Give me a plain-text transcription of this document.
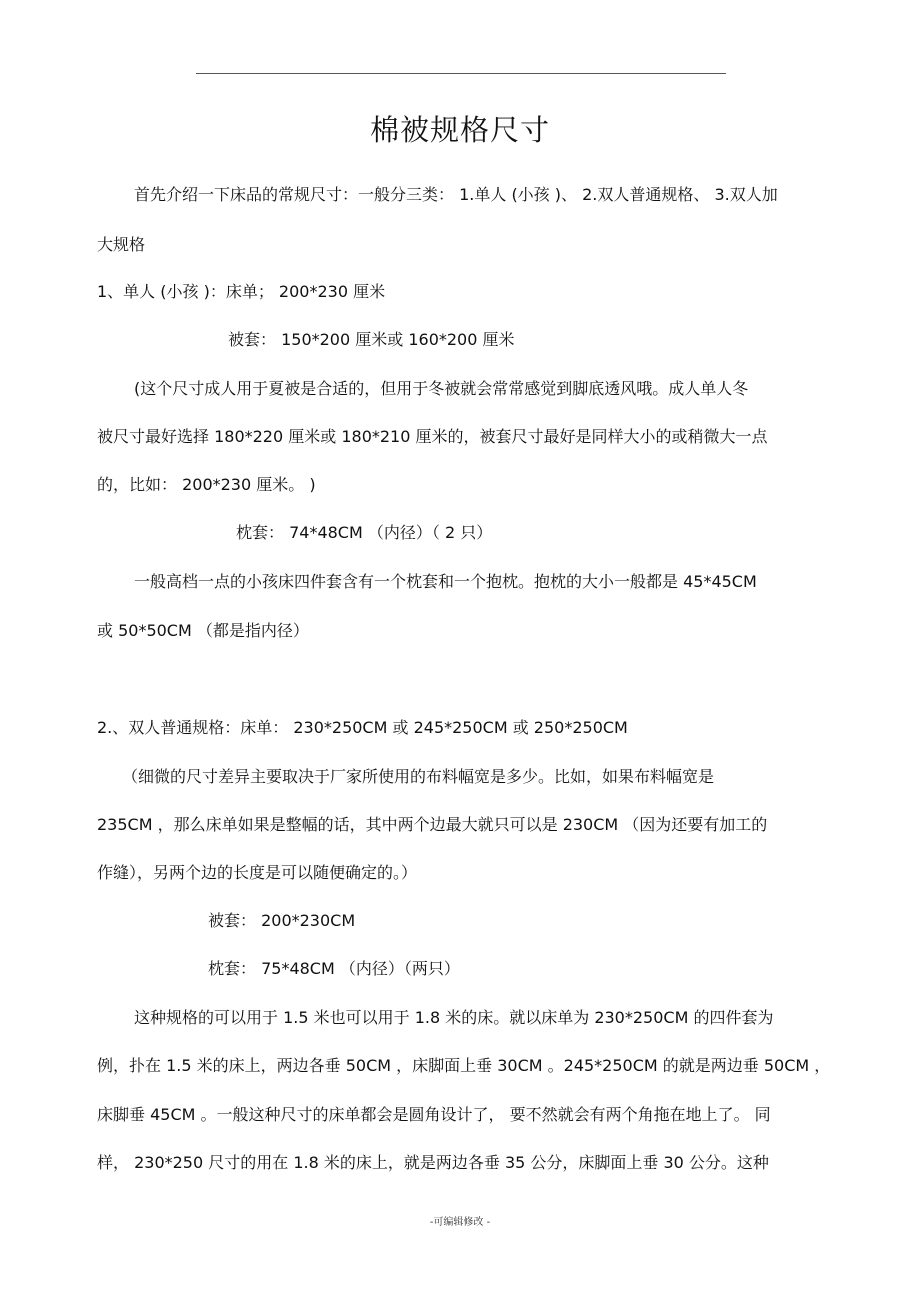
棉被规格尺寸
首先介绍一下床品的常规尺寸：一般分三类： 1.单人 (小孩 )、 2.双人普通规格、 3.双人加
大规格
1、单人 (小孩 )：床单； 200*230 厘米
被套： 150*200 厘米或 160*200 厘米
(这个尺寸成人用于夏被是合适的，但用于冬被就会常常感觉到脚底透风哦。成人单人冬
被尺寸最好选择 180*220 厘米或 180*210 厘米的，被套尺寸最好是同样大小的或稍微大一点
的，比如： 200*230 厘米。 )
枕套： 74*48CM （内径）（ 2 只）
一般高档一点的小孩床四件套含有一个枕套和一个抱枕。抱枕的大小一般都是 45*45CM
或 50*50CM （都是指内径）
2.、双人普通规格：床单： 230*250CM 或 245*250CM 或 250*250CM
（细微的尺寸差异主要取决于厂家所使用的布料幅宽是多少。比如，如果布料幅宽是
235CM ，那么床单如果是整幅的话，其中两个边最大就只可以是 230CM （因为还要有加工的
作缝），另两个边的长度是可以随便确定的。）
被套： 200*230CM
枕套： 75*48CM （内径）（两只）
这种规格的可以用于 1.5 米也可以用于 1.8 米的床。就以床单为 230*250CM 的四件套为
例，扑在 1.5 米的床上，两边各垂 50CM ，床脚面上垂 30CM 。245*250CM 的就是两边垂 50CM ，
床脚垂 45CM 。一般这种尺寸的床单都会是圆角设计了， 要不然就会有两个角拖在地上了。 同
样， 230*250 尺寸的用在 1.8 米的床上，就是两边各垂 35 公分，床脚面上垂 30 公分。这种
-可编辑修改 -
